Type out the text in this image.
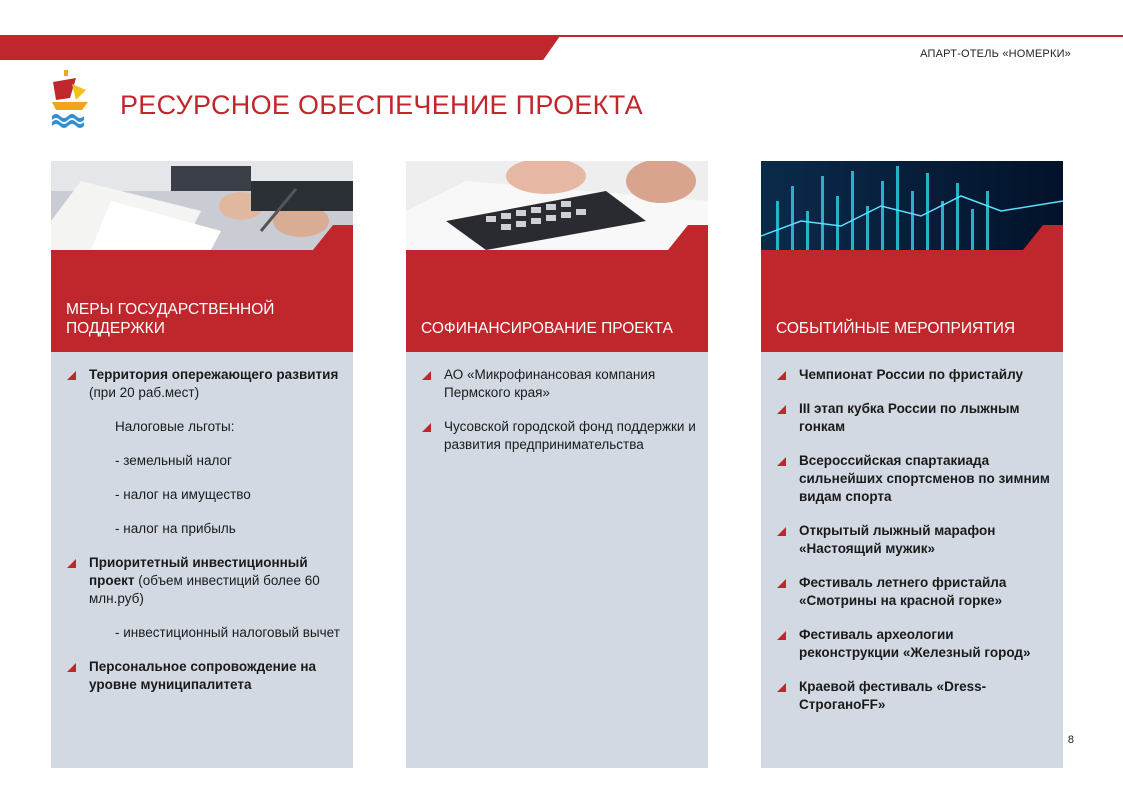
АПАРТ-ОТЕЛЬ «НОМЕРКИ»
РЕСУРСНОЕ ОБЕСПЕЧЕНИЕ ПРОЕКТА
МЕРЫ ГОСУДАРСТВЕННОЙ ПОДДЕРЖКИ
Территория опережающего развития (при 20 раб.мест)
Налоговые льготы:
- земельный налог
- налог на имущество
- налог на прибыль
Приоритетный инвестиционный проект (объем инвестиций более 60 млн.руб)
- инвестиционный налоговый вычет
Персональное сопровождение на уровне муниципалитета
СОФИНАНСИРОВАНИЕ ПРОЕКТА
АО «Микрофинансовая компания Пермского края»
Чусовской городской фонд поддержки и развития предпринимательства
СОБЫТИЙНЫЕ МЕРОПРИЯТИЯ
Чемпионат России по фристайлу
III этап кубка России по лыжным гонкам
Всероссийская спартакиада сильнейших спортсменов по зимним видам спорта
Открытый лыжный марафон «Настоящий мужик»
Фестиваль летнего фристайла «Смотрины на красной горке»
Фестиваль археологии реконструкции «Железный город»
Краевой фестиваль «Dress-СтроганоFF»
8
